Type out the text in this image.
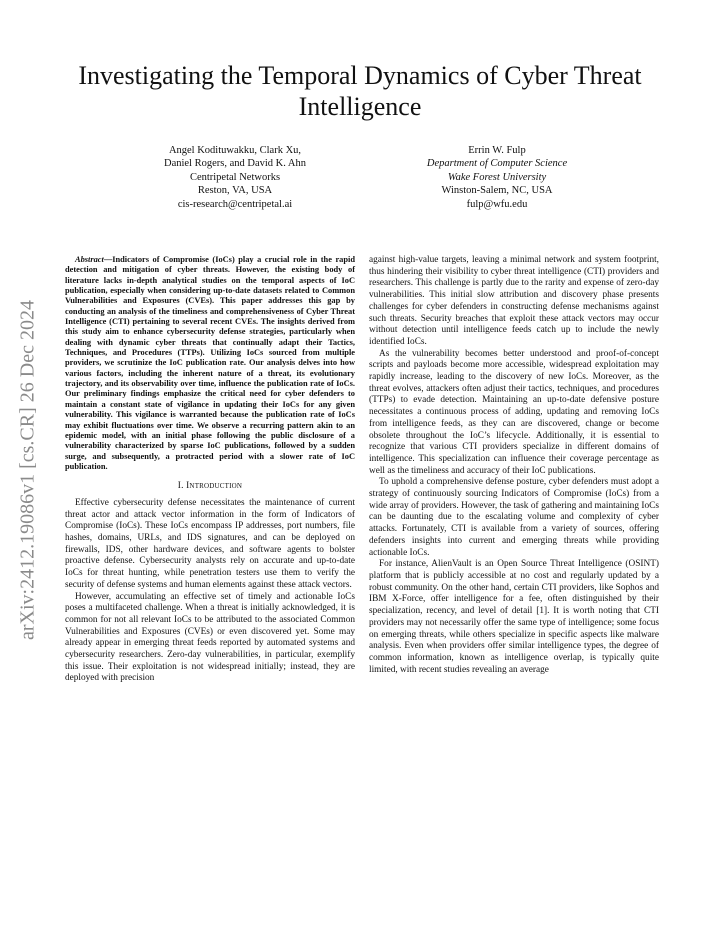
arXiv:2412.19086v1 [cs.CR] 26 Dec 2024
Investigating the Temporal Dynamics of Cyber Threat Intelligence
Angel Kodituwakku, Clark Xu,
Daniel Rogers, and David K. Ahn
Centripetal Networks
Reston, VA, USA
cis-research@centripetal.ai
Errin W. Fulp
Department of Computer Science
Wake Forest University
Winston-Salem, NC, USA
fulp@wfu.edu
Abstract—Indicators of Compromise (IoCs) play a crucial role in the rapid detection and mitigation of cyber threats. However, the existing body of literature lacks in-depth analytical studies on the temporal aspects of IoC publication, especially when considering up-to-date datasets related to Common Vulnerabilities and Exposures (CVEs). This paper addresses this gap by conducting an analysis of the timeliness and comprehensiveness of Cyber Threat Intelligence (CTI) pertaining to several recent CVEs. The insights derived from this study aim to enhance cybersecurity defense strategies, particularly when dealing with dynamic cyber threats that continually adapt their Tactics, Techniques, and Procedures (TTPs). Utilizing IoCs sourced from multiple providers, we scrutinize the IoC publication rate. Our analysis delves into how various factors, including the inherent nature of a threat, its evolutionary trajectory, and its observability over time, influence the publication rate of IoCs. Our preliminary findings emphasize the critical need for cyber defenders to maintain a constant state of vigilance in updating their IoCs for any given vulnerability. This vigilance is warranted because the publication rate of IoCs may exhibit fluctuations over time. We observe a recurring pattern akin to an epidemic model, with an initial phase following the public disclosure of a vulnerability characterized by sparse IoC publications, followed by a sudden surge, and subsequently, a protracted period with a slower rate of IoC publication.
I. Introduction

Effective cybersecurity defense necessitates the maintenance of current threat actor and attack vector information in the form of Indicators of Compromise (IoCs). These IoCs encompass IP addresses, port numbers, file hashes, domains, URLs, and IDS signatures, and can be deployed on firewalls, IDS, other hardware devices, and software agents to bolster proactive defense. Cybersecurity analysts rely on accurate and up-to-date IoCs for threat hunting, while penetration testers use them to verify the security of defense systems and human elements against these attack vectors.

However, accumulating an effective set of timely and actionable IoCs poses a multifaceted challenge. When a threat is initially acknowledged, it is common for not all relevant IoCs to be attributed to the associated Common Vulnerabilities and Exposures (CVEs) or even discovered yet. Some may already appear in emerging threat feeds reported by automated systems and cybersecurity researchers. Zero-day vulnerabilities, in particular, exemplify this issue. Their exploitation is not widespread initially; instead, they are deployed with precision

against high-value targets, leaving a minimal network and system footprint, thus hindering their visibility to cyber threat intelligence (CTI) providers and researchers. This challenge is partly due to the rarity and expense of zero-day vulnerabilities. This initial slow attribution and discovery phase presents challenges for cyber defenders in constructing defense mechanisms against such threats. Security breaches that exploit these attack vectors may occur without detection until intelligence feeds catch up to include the newly identified IoCs.

As the vulnerability becomes better understood and proof-of-concept scripts and payloads become more accessible, widespread exploitation may rapidly increase, leading to the discovery of new IoCs. Moreover, as the threat evolves, attackers often adjust their tactics, techniques, and procedures (TTPs) to evade detection. Maintaining an up-to-date defensive posture necessitates a continuous process of adding, updating and removing IoCs from intelligence feeds, as they can are discovered, change or become obsolete throughout the IoC’s lifecycle. Additionally, it is essential to recognize that various CTI providers specialize in different domains of intelligence. This specialization can influence their coverage percentage as well as the timeliness and accuracy of their IoC publications.

To uphold a comprehensive defense posture, cyber defenders must adopt a strategy of continuously sourcing Indicators of Compromise (IoCs) from a wide array of providers. However, the task of gathering and maintaining IoCs can be daunting due to the escalating volume and complexity of cyber attacks. Fortunately, CTI is available from a variety of sources, offering defenders insights into current and emerging threats while providing actionable IoCs.

For instance, AlienVault is an Open Source Threat Intelligence (OSINT) platform that is publicly accessible at no cost and regularly updated by a robust community. On the other hand, certain CTI providers, like Sophos and IBM X-Force, offer intelligence for a fee, often distinguished by their specialization, recency, and level of detail [1]. It is worth noting that CTI providers may not necessarily offer the same type of intelligence; some focus on emerging threats, while others specialize in specific aspects like malware analysis. Even when providers offer similar intelligence types, the degree of common information, known as intelligence overlap, is typically quite limited, with recent studies revealing an average
